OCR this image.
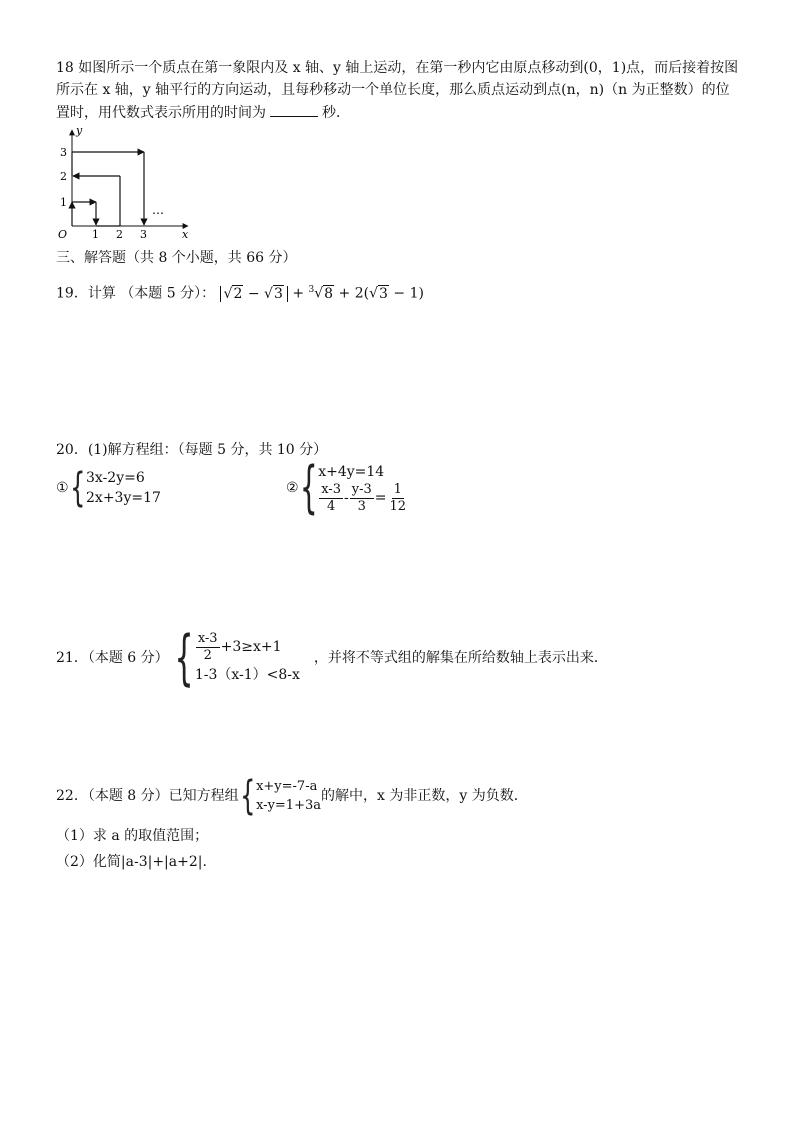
18 如图所示一个质点在第一象限内及 x 轴、y 轴上运动，在第一秒内它由原点移动到(0，1)点，而后接着按图
所示在 x 轴，y 轴平行的方向运动，且每秒移动一个单位长度，那么质点运动到点(n，n)（n 为正整数）的位
置时，用代数式表示所用的时间为	秒．
O 1 2 3
1
2
3
x
y
…
三、解答题（共 8 个小题，共 66 分）
19．计算 （本题 5 分）： √2 − √3 + $^3$√8 + 2(√3 − 1)
20．(1)解方程组：（每题 5 分，共 10 分）
① { 3x-2y=6
2x+3y=17
② { x+4y=14
$\frac{x-3}{4} - \frac{y-3}{3} = \frac{1}{12}$
21．（本题 6 分） { $\frac{x-3}{2} +3\ge x+1$
1-3（x-1）<8-x
，并将不等式组的解集在所给数轴上表示出来．
22．（本题 8 分）已知方程组 { x+y=-7-a
x-y=1+3a
的解中，x 为非正数，y 为负数．
（1）求 a 的取值范围；
（2）化简|a-3|+|a+2|.
